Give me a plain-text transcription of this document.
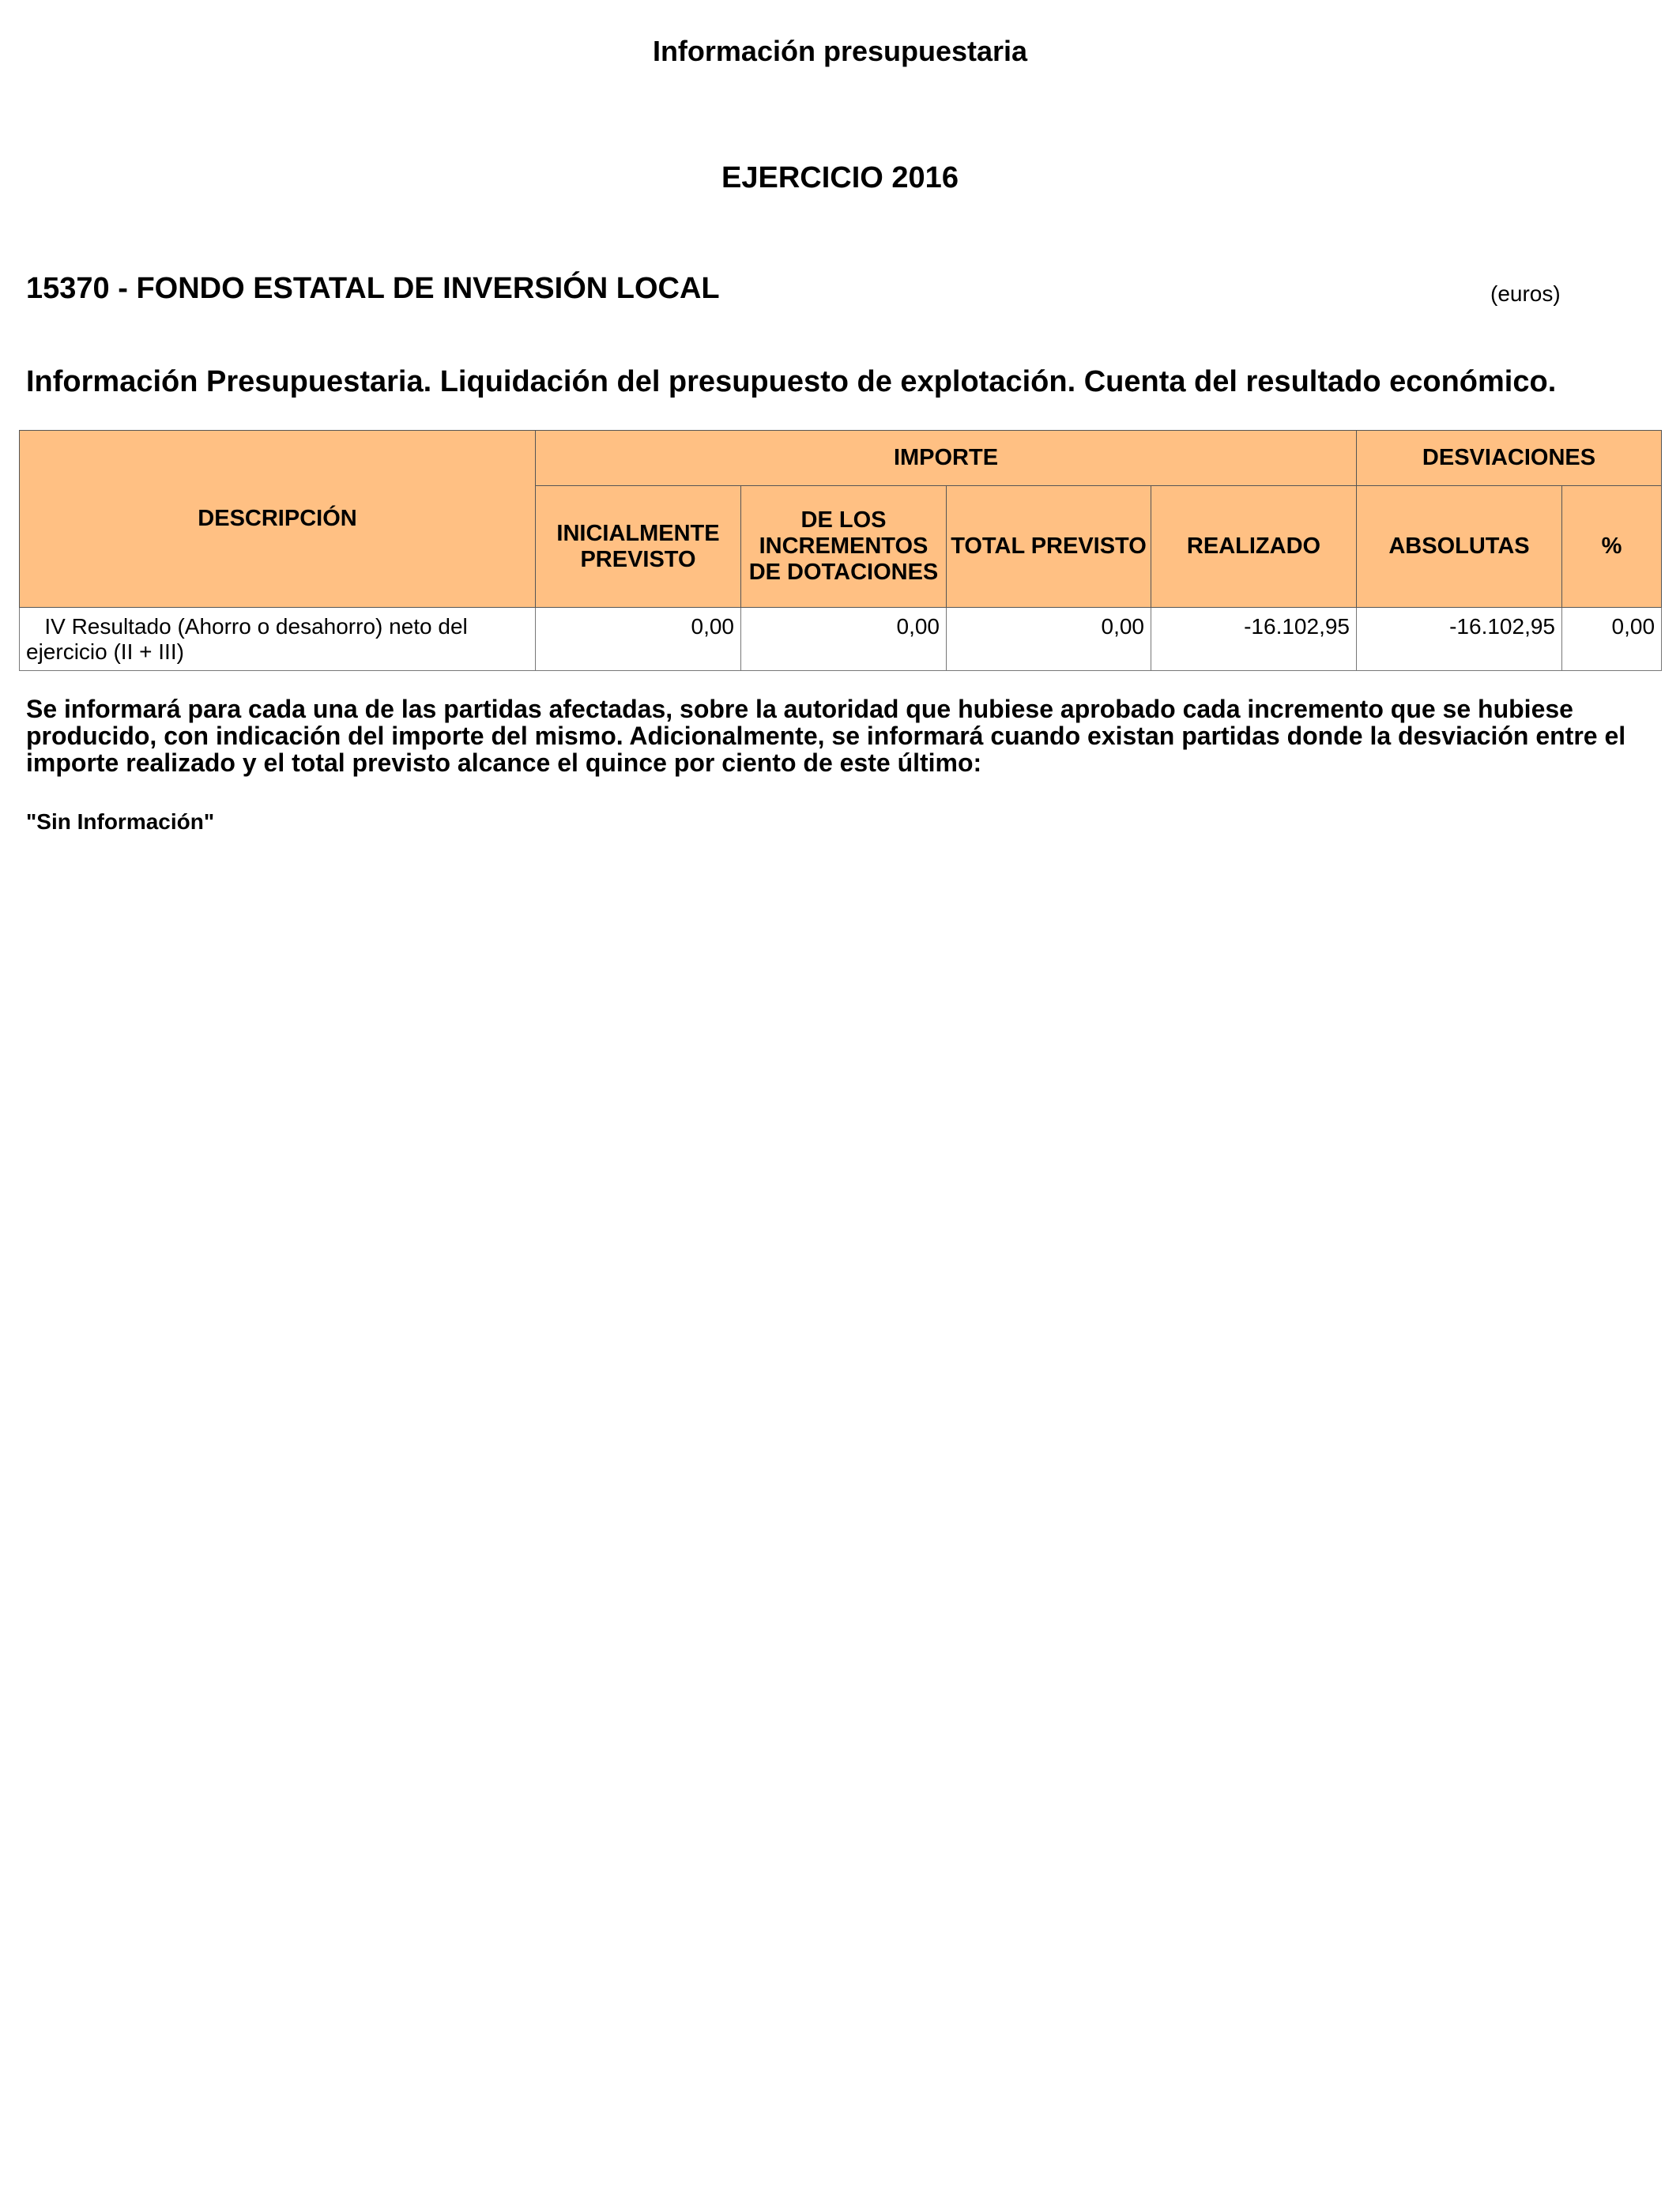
Información presupuestaria
EJERCICIO 2016
15370 - FONDO ESTATAL DE INVERSIÓN LOCAL	(euros)
Información Presupuestaria. Liquidación del presupuesto de explotación. Cuenta del resultado económico.
DESCRIPCIÓN	IMPORTE				DESVIACIONES	
	INICIALMENTE PREVISTO	DE LOS INCREMENTOS DE DOTACIONES	TOTAL PREVISTO	REALIZADO	ABSOLUTAS	%
IV Resultado (Ahorro o desahorro) neto del ejercicio (II + III)	0,00	0,00	0,00	-16.102,95	-16.102,95	0,00

Se informará para cada una de las partidas afectadas, sobre la autoridad que hubiese aprobado cada incremento que se hubiese producido, con indicación del importe del mismo. Adicionalmente, se informará cuando existan partidas donde la desviación entre el importe realizado y el total previsto alcance el quince por ciento de este último:

"Sin Información"
